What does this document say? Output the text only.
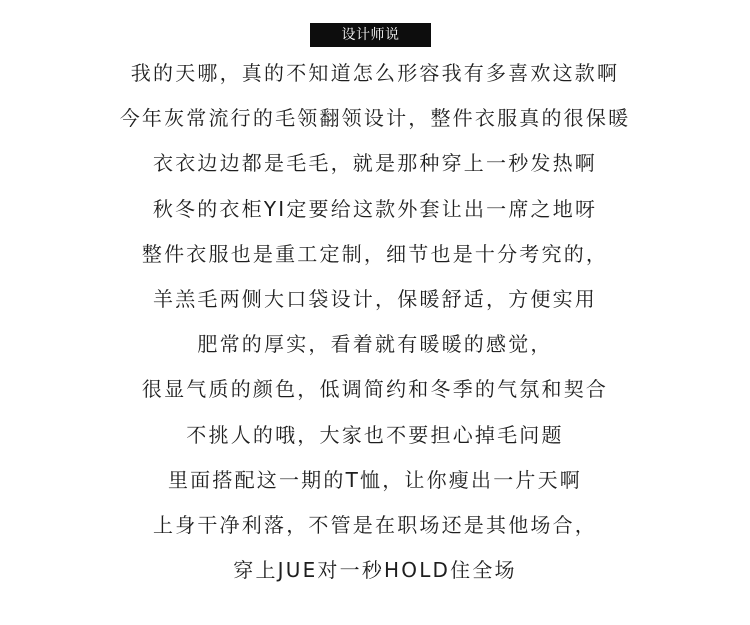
设计师说
我的天哪，真的不知道怎么形容我有多喜欢这款啊
今年灰常流行的毛领翻领设计，整件衣服真的很保暖
衣衣边边都是毛毛，就是那种穿上一秒发热啊
秋冬的衣柜YI定要给这款外套让出一席之地呀
整件衣服也是重工定制，细节也是十分考究的，
羊羔毛两侧大口袋设计，保暖舒适，方便实用
肥常的厚实，看着就有暖暖的感觉，
很显气质的颜色，低调简约和冬季的气氛和契合
不挑人的哦，大家也不要担心掉毛问题
里面搭配这一期的T恤，让你瘦出一片天啊
上身干净利落，不管是在职场还是其他场合，
穿上JUE对一秒HOLD住全场
